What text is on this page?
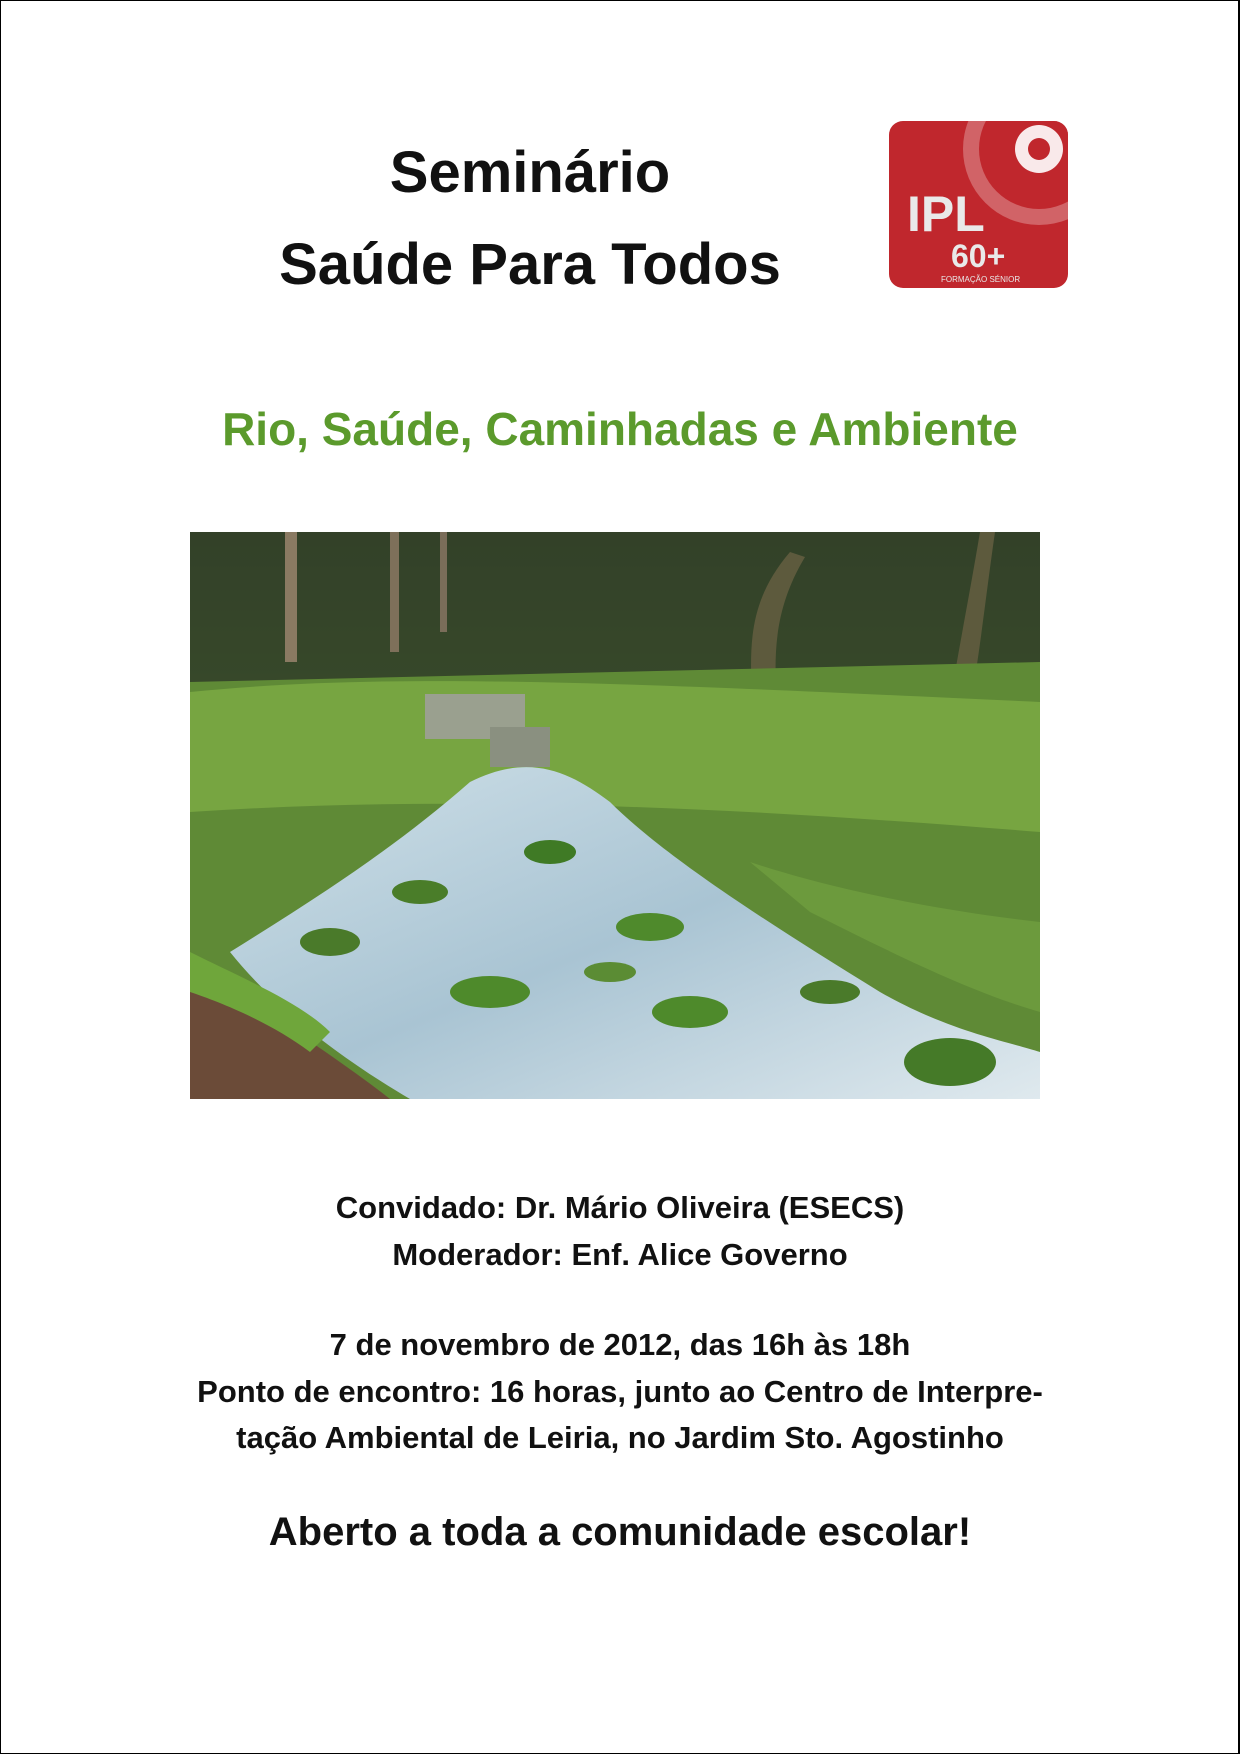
Seminário
Saúde Para Todos
IPL
60+
FORMAÇÃO SÉNIOR
Rio, Saúde, Caminhadas e Ambiente
Convidado: Dr. Mário Oliveira (ESECS)
Moderador: Enf. Alice Governo
7 de novembro de 2012, das 16h às 18h
Ponto de encontro: 16 horas, junto ao Centro de Interpre-
tação Ambiental de Leiria, no Jardim Sto. Agostinho
Aberto a toda a comunidade escolar!
